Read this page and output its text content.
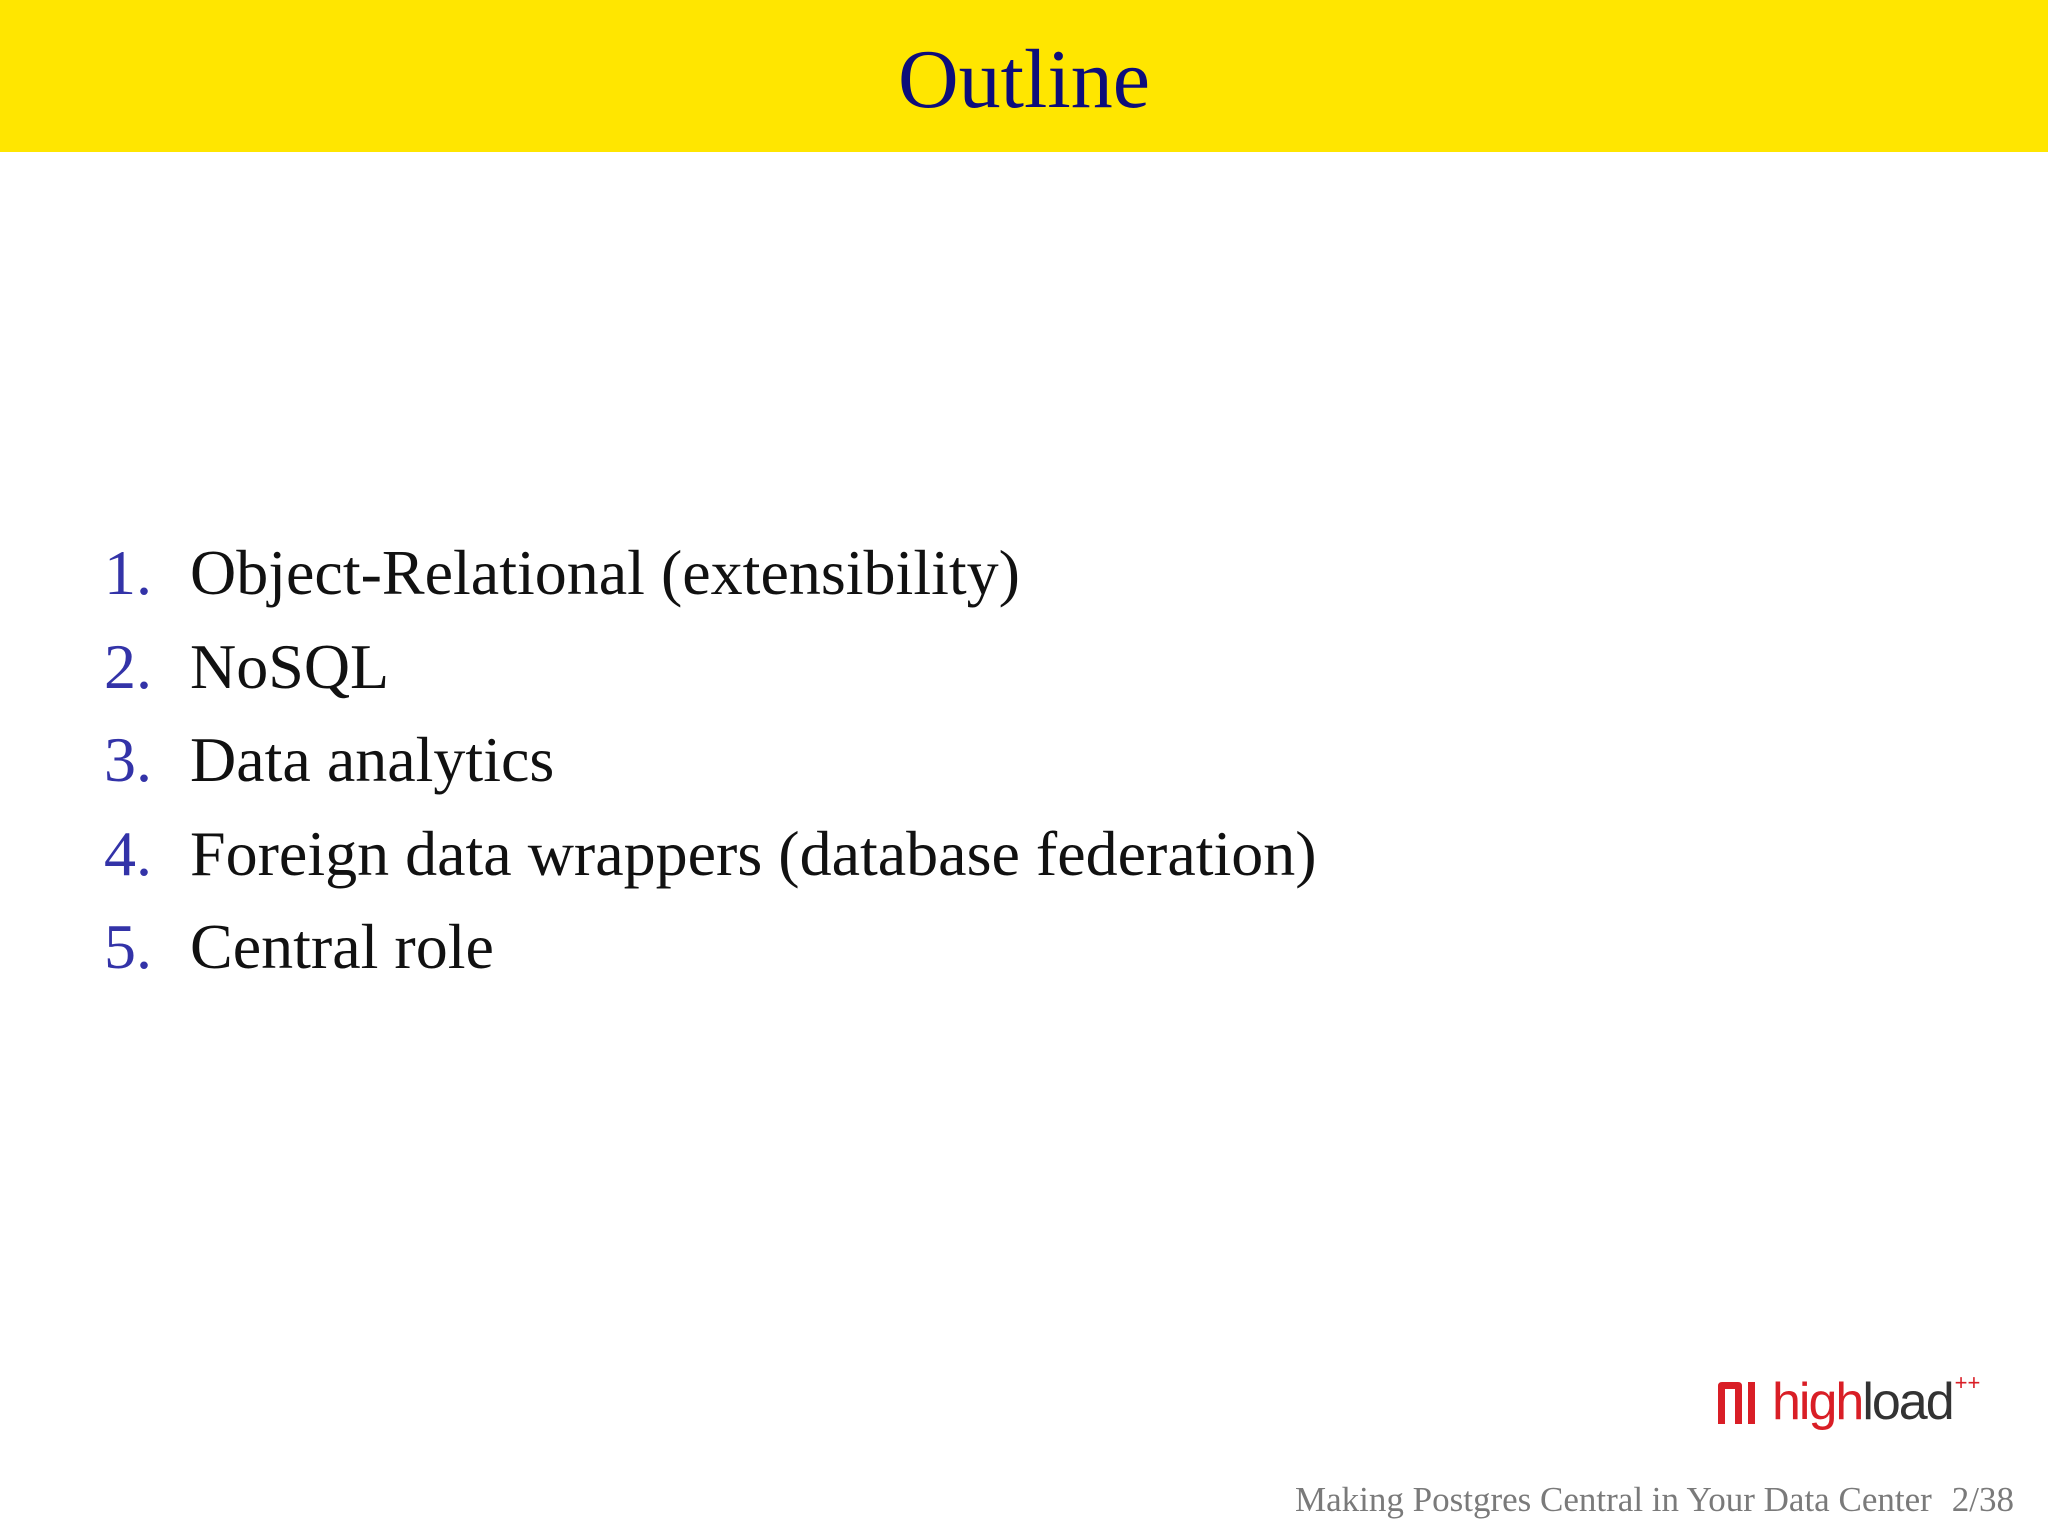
Outline
1. Object-Relational (extensibility)
2. NoSQL
3. Data analytics
4. Foreign data wrappers (database federation)
5. Central role
highload ++
Making Postgres Central in Your Data Center 2/38
